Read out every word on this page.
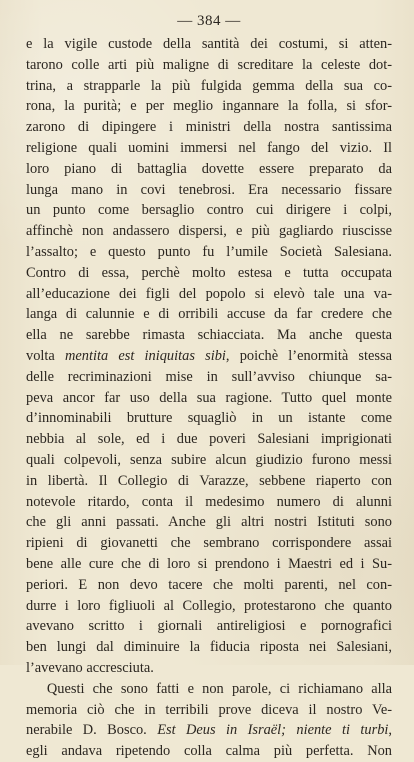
— 384 —
e la vigile custode della santità dei costumi, si atten-
tarono colle arti più maligne di screditare la celeste dot-
trina, a strapparle la più fulgida gemma della sua co-
rona, la purità; e per meglio ingannare la folla, si sfor-
zarono di dipingere i ministri della nostra santissima
religione quali uomini immersi nel fango del vizio. Il
loro piano di battaglia dovette essere preparato da
lunga mano in covi tenebrosi. Era necessario fissare
un punto come bersaglio contro cui dirigere i colpi,
affinchè non andassero dispersi, e più gagliardo riuscisse
l’assalto; e questo punto fu l’umile Società Salesiana.
Contro di essa, perchè molto estesa e tutta occupata
all’educazione dei figli del popolo si elevò tale una va-
langa di calunnie e di orribili accuse da far credere che
ella ne sarebbe rimasta schiacciata. Ma anche questa
volta mentita est iniquitas sibi, poichè l’enormità stessa
delle recriminazioni mise in sull’avviso chiunque sa-
peva ancor far uso della sua ragione. Tutto quel monte
d’innominabili brutture squagliò in un istante come
nebbia al sole, ed i due poveri Salesiani imprigionati
quali colpevoli, senza subire alcun giudizio furono messi
in libertà. Il Collegio di Varazze, sebbene riaperto con
notevole ritardo, conta il medesimo numero di alunni
che gli anni passati. Anche gli altri nostri Istituti sono
ripieni di giovanetti che sembrano corrispondere assai
bene alle cure che di loro si prendono i Maestri ed i Su-
periori. E non devo tacere che molti parenti, nel con-
durre i loro figliuoli al Collegio, protestarono che quanto
avevano scritto i giornali antireligiosi e pornografici
ben lungi dal diminuire la fiducia riposta nei Salesiani,
l’avevano accresciuta.
Questi che sono fatti e non parole, ci richiamano alla
memoria ciò che in terribili prove diceva il nostro Ve-
nerabile D. Bosco. Est Deus in Israël; niente ti turbi,
egli andava ripetendo colla calma più perfetta. Non
